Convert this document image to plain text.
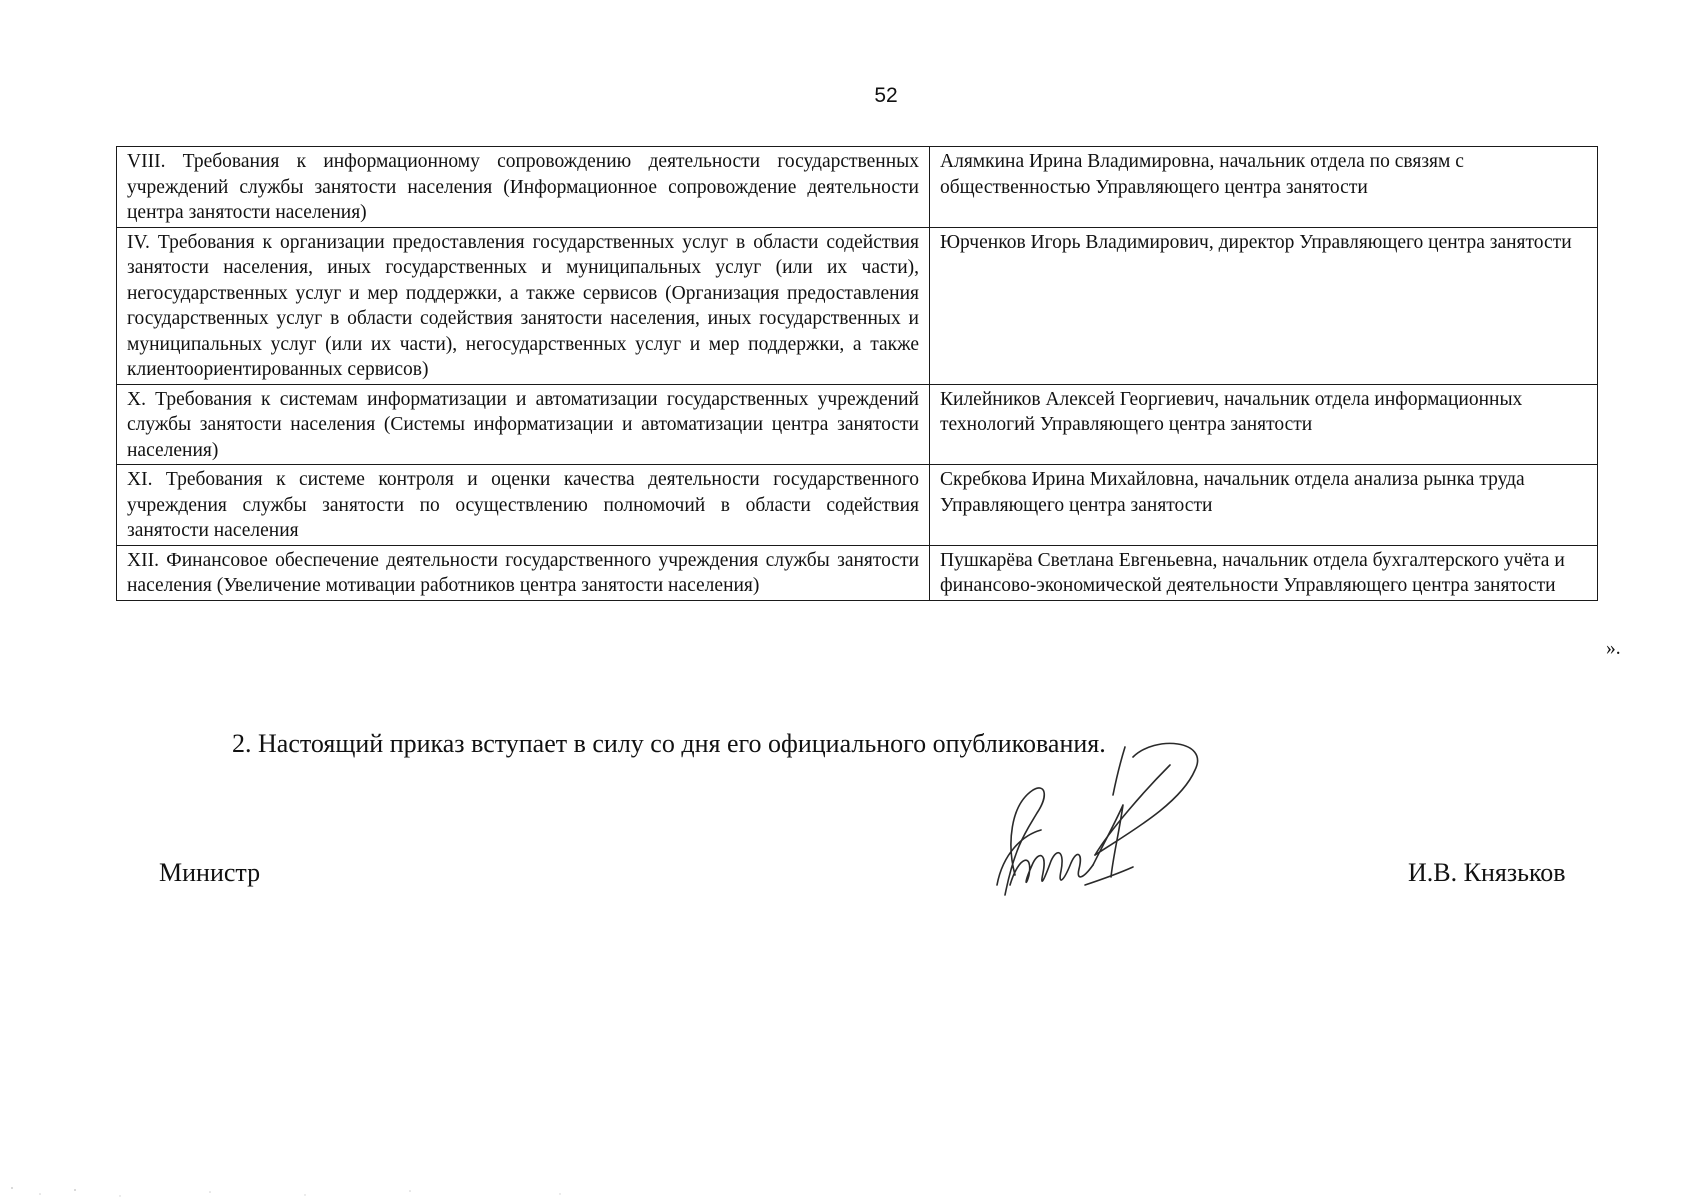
52
VIII. Требования к информационному сопровождению деятельности государственных учреждений службы занятости населения (Информационное сопровождение деятельности центра занятости населения)	Алямкина Ирина Владимировна, начальник отдела по связям с общественностью Управляющего центра занятости
IV. Требования к организации предоставления государственных услуг в области содействия занятости населения, иных государственных и муниципальных услуг (или их части), негосударственных услуг и мер поддержки, а также сервисов (Организация предоставления государственных услуг в области содействия занятости населения, иных государственных и муниципальных услуг (или их части), негосударственных услуг и мер поддержки, а также клиентоориентированных сервисов)	Юрченков Игорь Владимирович, директор Управляющего центра занятости
X. Требования к системам информатизации и автоматизации государственных учреждений службы занятости населения (Системы информатизации и автоматизации центра занятости населения)	Килейников Алексей Георгиевич, начальник отдела информационных технологий Управляющего центра занятости
XI. Требования к системе контроля и оценки качества деятельности государственного учреждения службы занятости по осуществлению полномочий в области содействия занятости населения	Скребкова Ирина Михайловна, начальник отдела анализа рынка труда Управляющего центра занятости
XII. Финансовое обеспечение деятельности государственного учреждения службы занятости населения (Увеличение мотивации работников центра занятости населения)	Пушкарёва Светлана Евгеньевна, начальник отдела бухгалтерского учёта и финансово-экономической деятельности Управляющего центра занятости
».
2. Настоящий приказ вступает в силу со дня его официального опубликования.
Министр	И.В. Князьков
